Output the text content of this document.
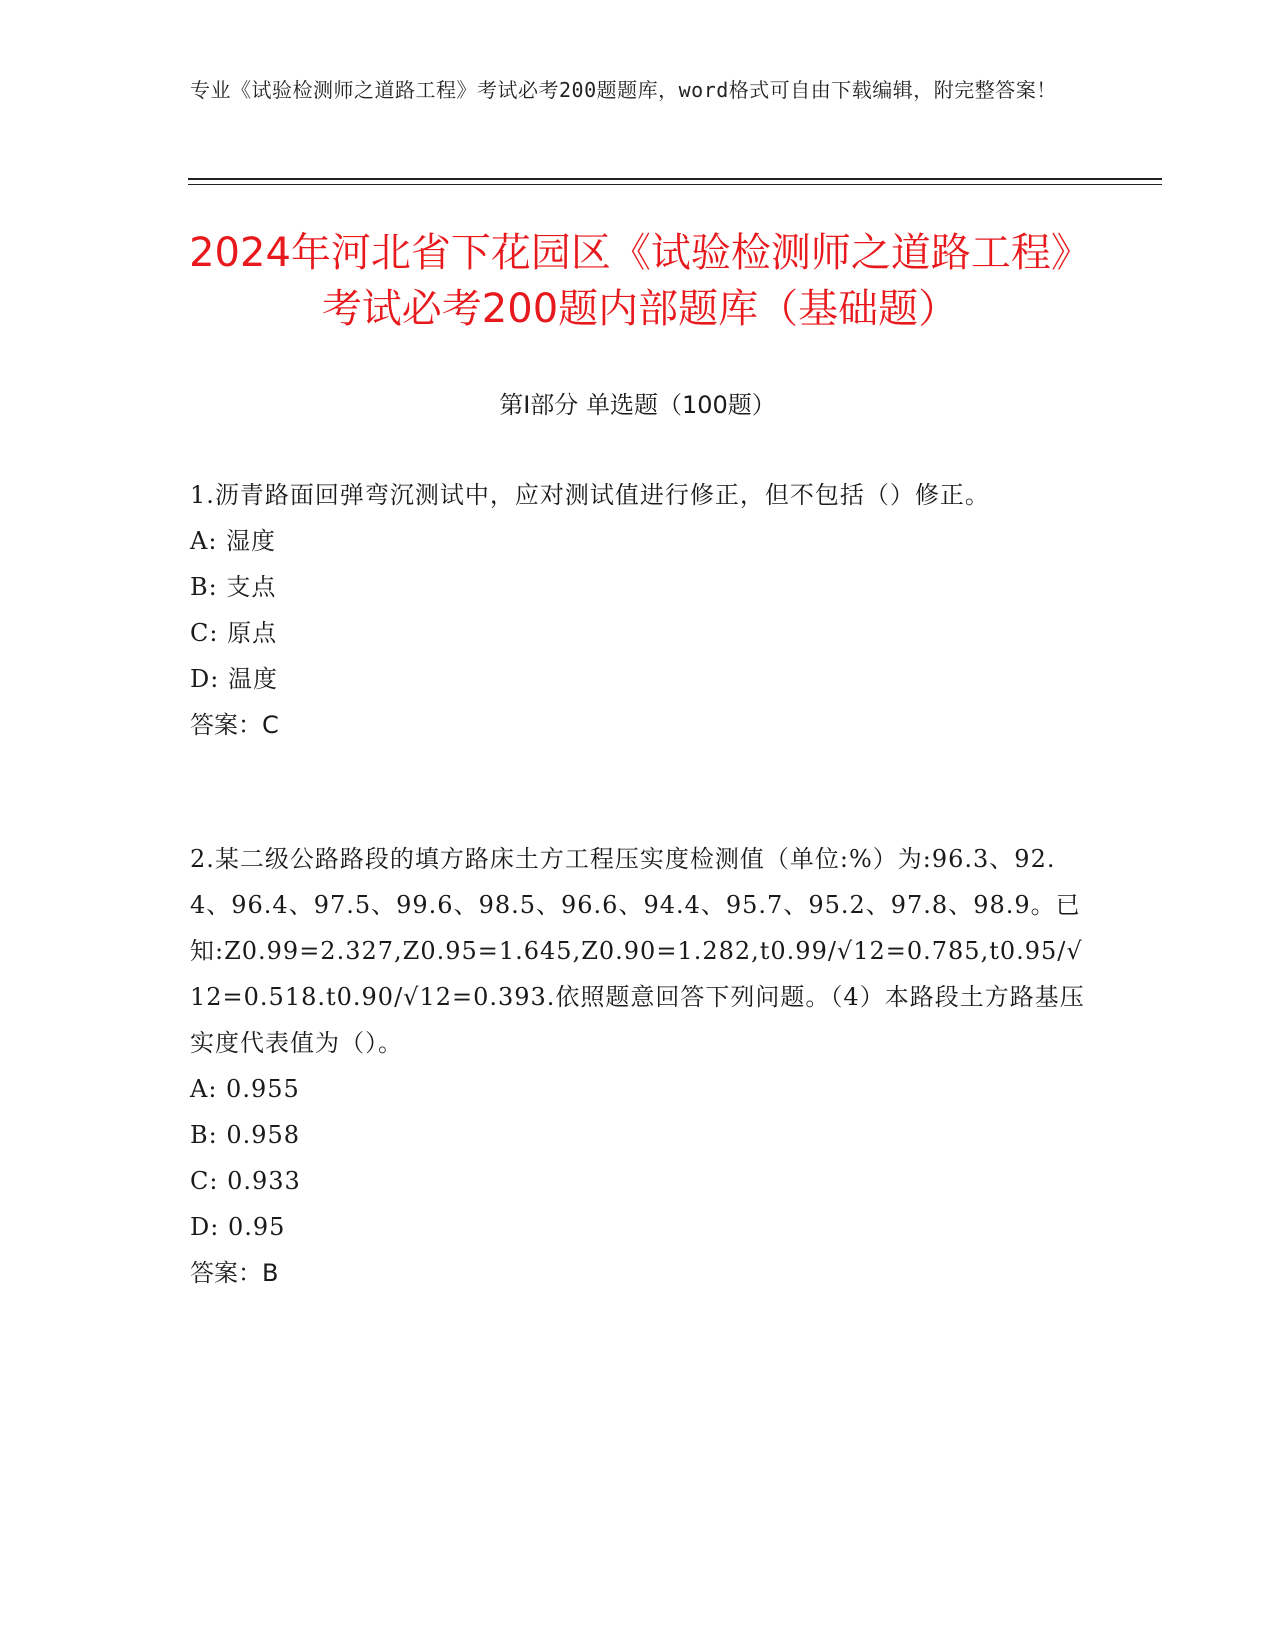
专业《试验检测师之道路工程》考试必考200题题库，word格式可自由下载编辑，附完整答案！
2024年河北省下花园区《试验检测师之道路工程》考试必考200题内部题库（基础题）
第I部分 单选题（100题）
1.沥青路面回弹弯沉测试中，应对测试值进行修正，但不包括（）修正。
A: 湿度
B: 支点
C: 原点
D: 温度
答案：C
2.某二级公路路段的填方路床土方工程压实度检测值（单位:%）为:96.3、92.4、96.4、97.5、99.6、98.5、96.6、94.4、95.7、95.2、97.8、98.9。已知:Z0.99=2.327,Z0.95=1.645,Z0.90=1.282,t0.99/√12=0.785,t0.95/√12=0.518.t0.90/√12=0.393.依照题意回答下列问题。（4）本路段土方路基压实度代表值为（）。
A: 0.955
B: 0.958
C: 0.933
D: 0.95
答案：B
